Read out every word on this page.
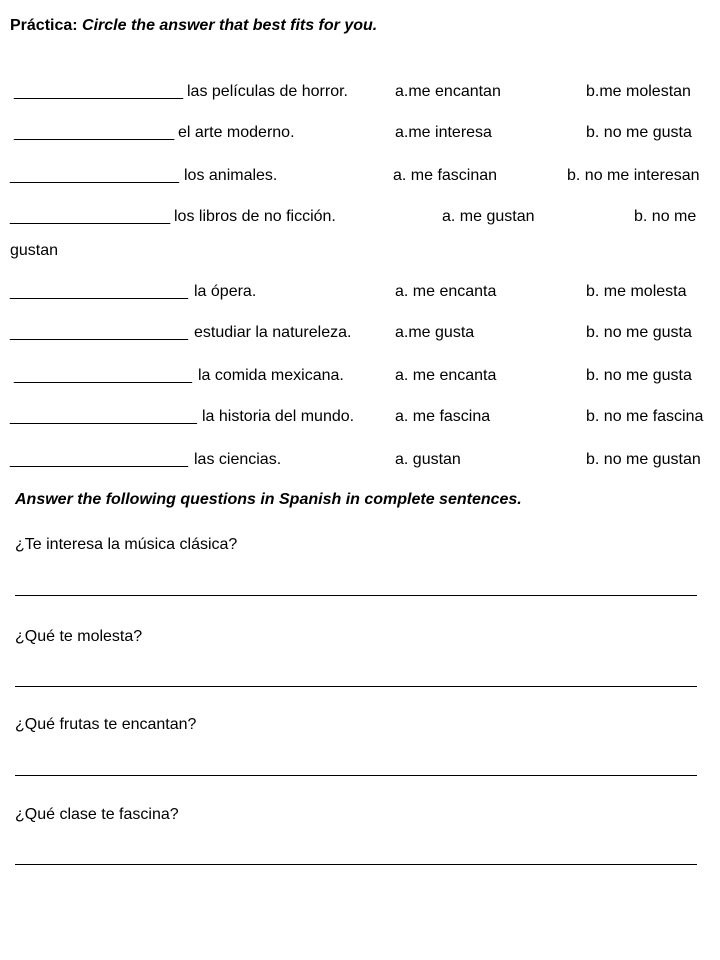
Práctica: Circle the answer that best fits for you.
___________________ las películas de horror.	a.me encantan	b.me molestan
__________________ el arte moderno.	a.me interesa	b. no me gusta
___________________ los animales.	a. me fascinan	b. no me interesan
__________________ los libros de no ficción.	a. me gustan	b. no me
gustan
____________________ la ópera.	a. me encanta	b. me molesta
____________________ estudiar la natureleza.	a.me gusta	b. no me gusta
____________________ la comida mexicana.	a. me encanta	b. no me gusta
_____________________ la historia del mundo.	a. me fascina	b. no me fascina
____________________ las ciencias.	a. gustan	b. no me gustan
Answer the following questions in Spanish in complete sentences.
¿Te interesa la música clásica?
¿Qué te molesta?
¿Qué frutas te encantan?
¿Qué clase te fascina?
